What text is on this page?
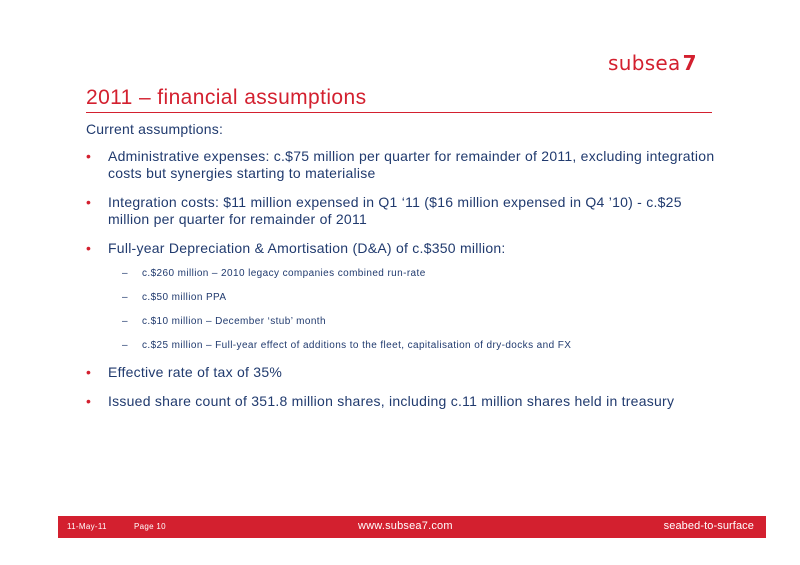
subsea 7
2011 – financial assumptions

Current assumptions:

• Administrative expenses: c.$75 million per quarter for remainder of 2011, excluding integration costs but synergies starting to materialise
• Integration costs: $11 million expensed in Q1 ‘11 ($16 million expensed in Q4 ’10) - c.$25 million per quarter for remainder of 2011
• Full-year Depreciation & Amortisation (D&A) of c.$350 million:
– c.$260 million – 2010 legacy companies combined run-rate
– c.$50 million PPA
– c.$10 million – December ‘stub’ month
– c.$25 million – Full-year effect of additions to the fleet, capitalisation of dry-docks and FX
• Effective rate of tax of 35%
• Issued share count of 351.8 million shares, including c.11 million shares held in treasury
11-May-11	Page 10	www.subsea7.com	seabed-to-surface
